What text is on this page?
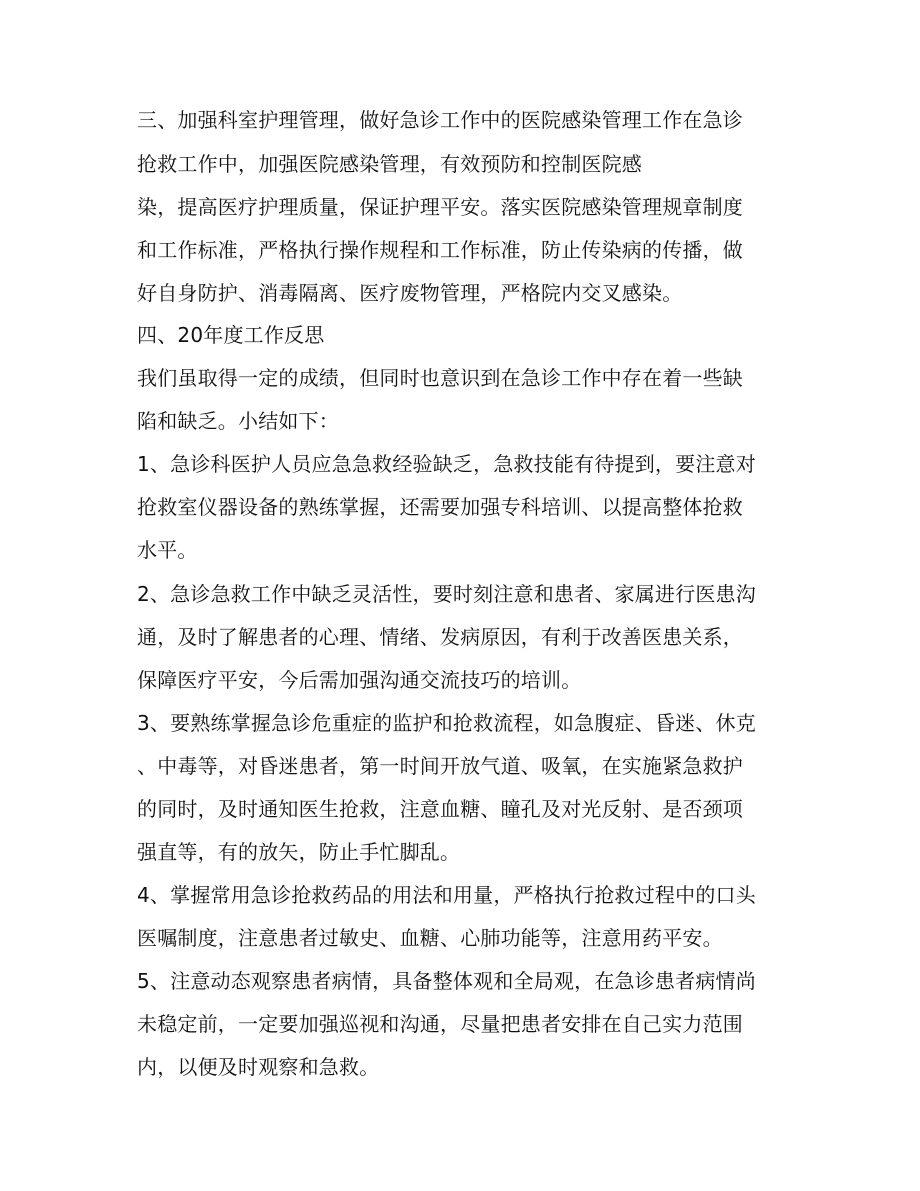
三、加强科室护理管理，做好急诊工作中的医院感染管理工作在急诊

抢救工作中，加强医院感染管理，有效预防和控制医院感

染，提高医疗护理质量，保证护理平安。落实医院感染管理规章制度

和工作标准，严格执行操作规程和工作标准，防止传染病的传播，做

好自身防护、消毒隔离、医疗废物管理，严格院内交叉感染。

四、20年度工作反思

我们虽取得一定的成绩，但同时也意识到在急诊工作中存在着一些缺

陷和缺乏。小结如下：

1、急诊科医护人员应急急救经验缺乏，急救技能有待提到，要注意对

抢救室仪器设备的熟练掌握，还需要加强专科培训、以提高整体抢救

水平。

2、急诊急救工作中缺乏灵活性，要时刻注意和患者、家属进行医患沟

通，及时了解患者的心理、情绪、发病原因，有利于改善医患关系，

保障医疗平安，今后需加强沟通交流技巧的培训。

3、要熟练掌握急诊危重症的监护和抢救流程，如急腹症、昏迷、休克

、中毒等，对昏迷患者，第一时间开放气道、吸氧，在实施紧急救护

的同时，及时通知医生抢救，注意血糖、瞳孔及对光反射、是否颈项

强直等，有的放矢，防止手忙脚乱。

4、掌握常用急诊抢救药品的用法和用量，严格执行抢救过程中的口头

医嘱制度，注意患者过敏史、血糖、心肺功能等，注意用药平安。

5、注意动态观察患者病情，具备整体观和全局观，在急诊患者病情尚

未稳定前，一定要加强巡视和沟通，尽量把患者安排在自己实力范围

内，以便及时观察和急救。
